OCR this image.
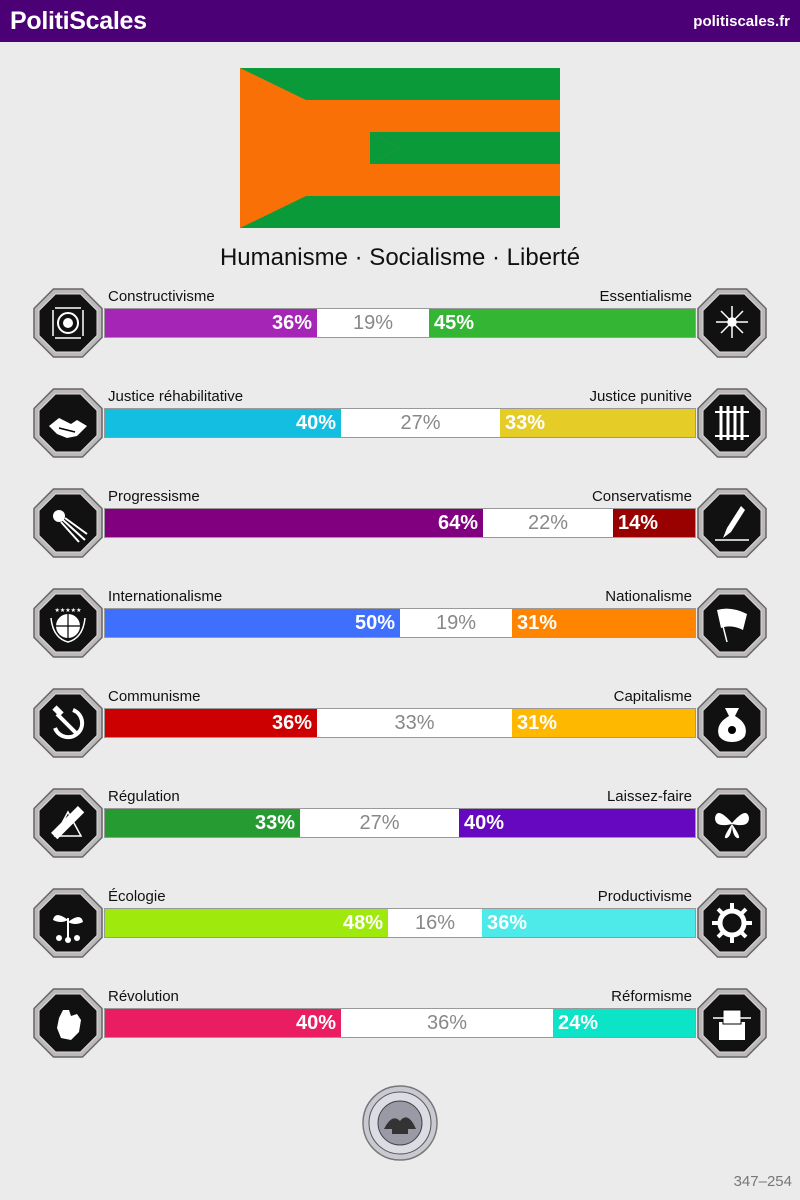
PolitiScales	politiscales.fr
Humanisme · Socialisme · Liberté
Constructivisme	Essentialisme
36%	19%	45%
Justice réhabilitative	Justice punitive
40%	27%	33%
Progressisme	Conservatisme
64%	22%	14%
★★★★★
Internationalisme	Nationalisme
50%	19%	31%
Communisme	Capitalisme
36%	33%	31%
Régulation	Laissez-faire
33%	27%	40%
Écologie	Productivisme
48%	16%	36%
Révolution	Réformisme
40%	36%	24%
347–254
